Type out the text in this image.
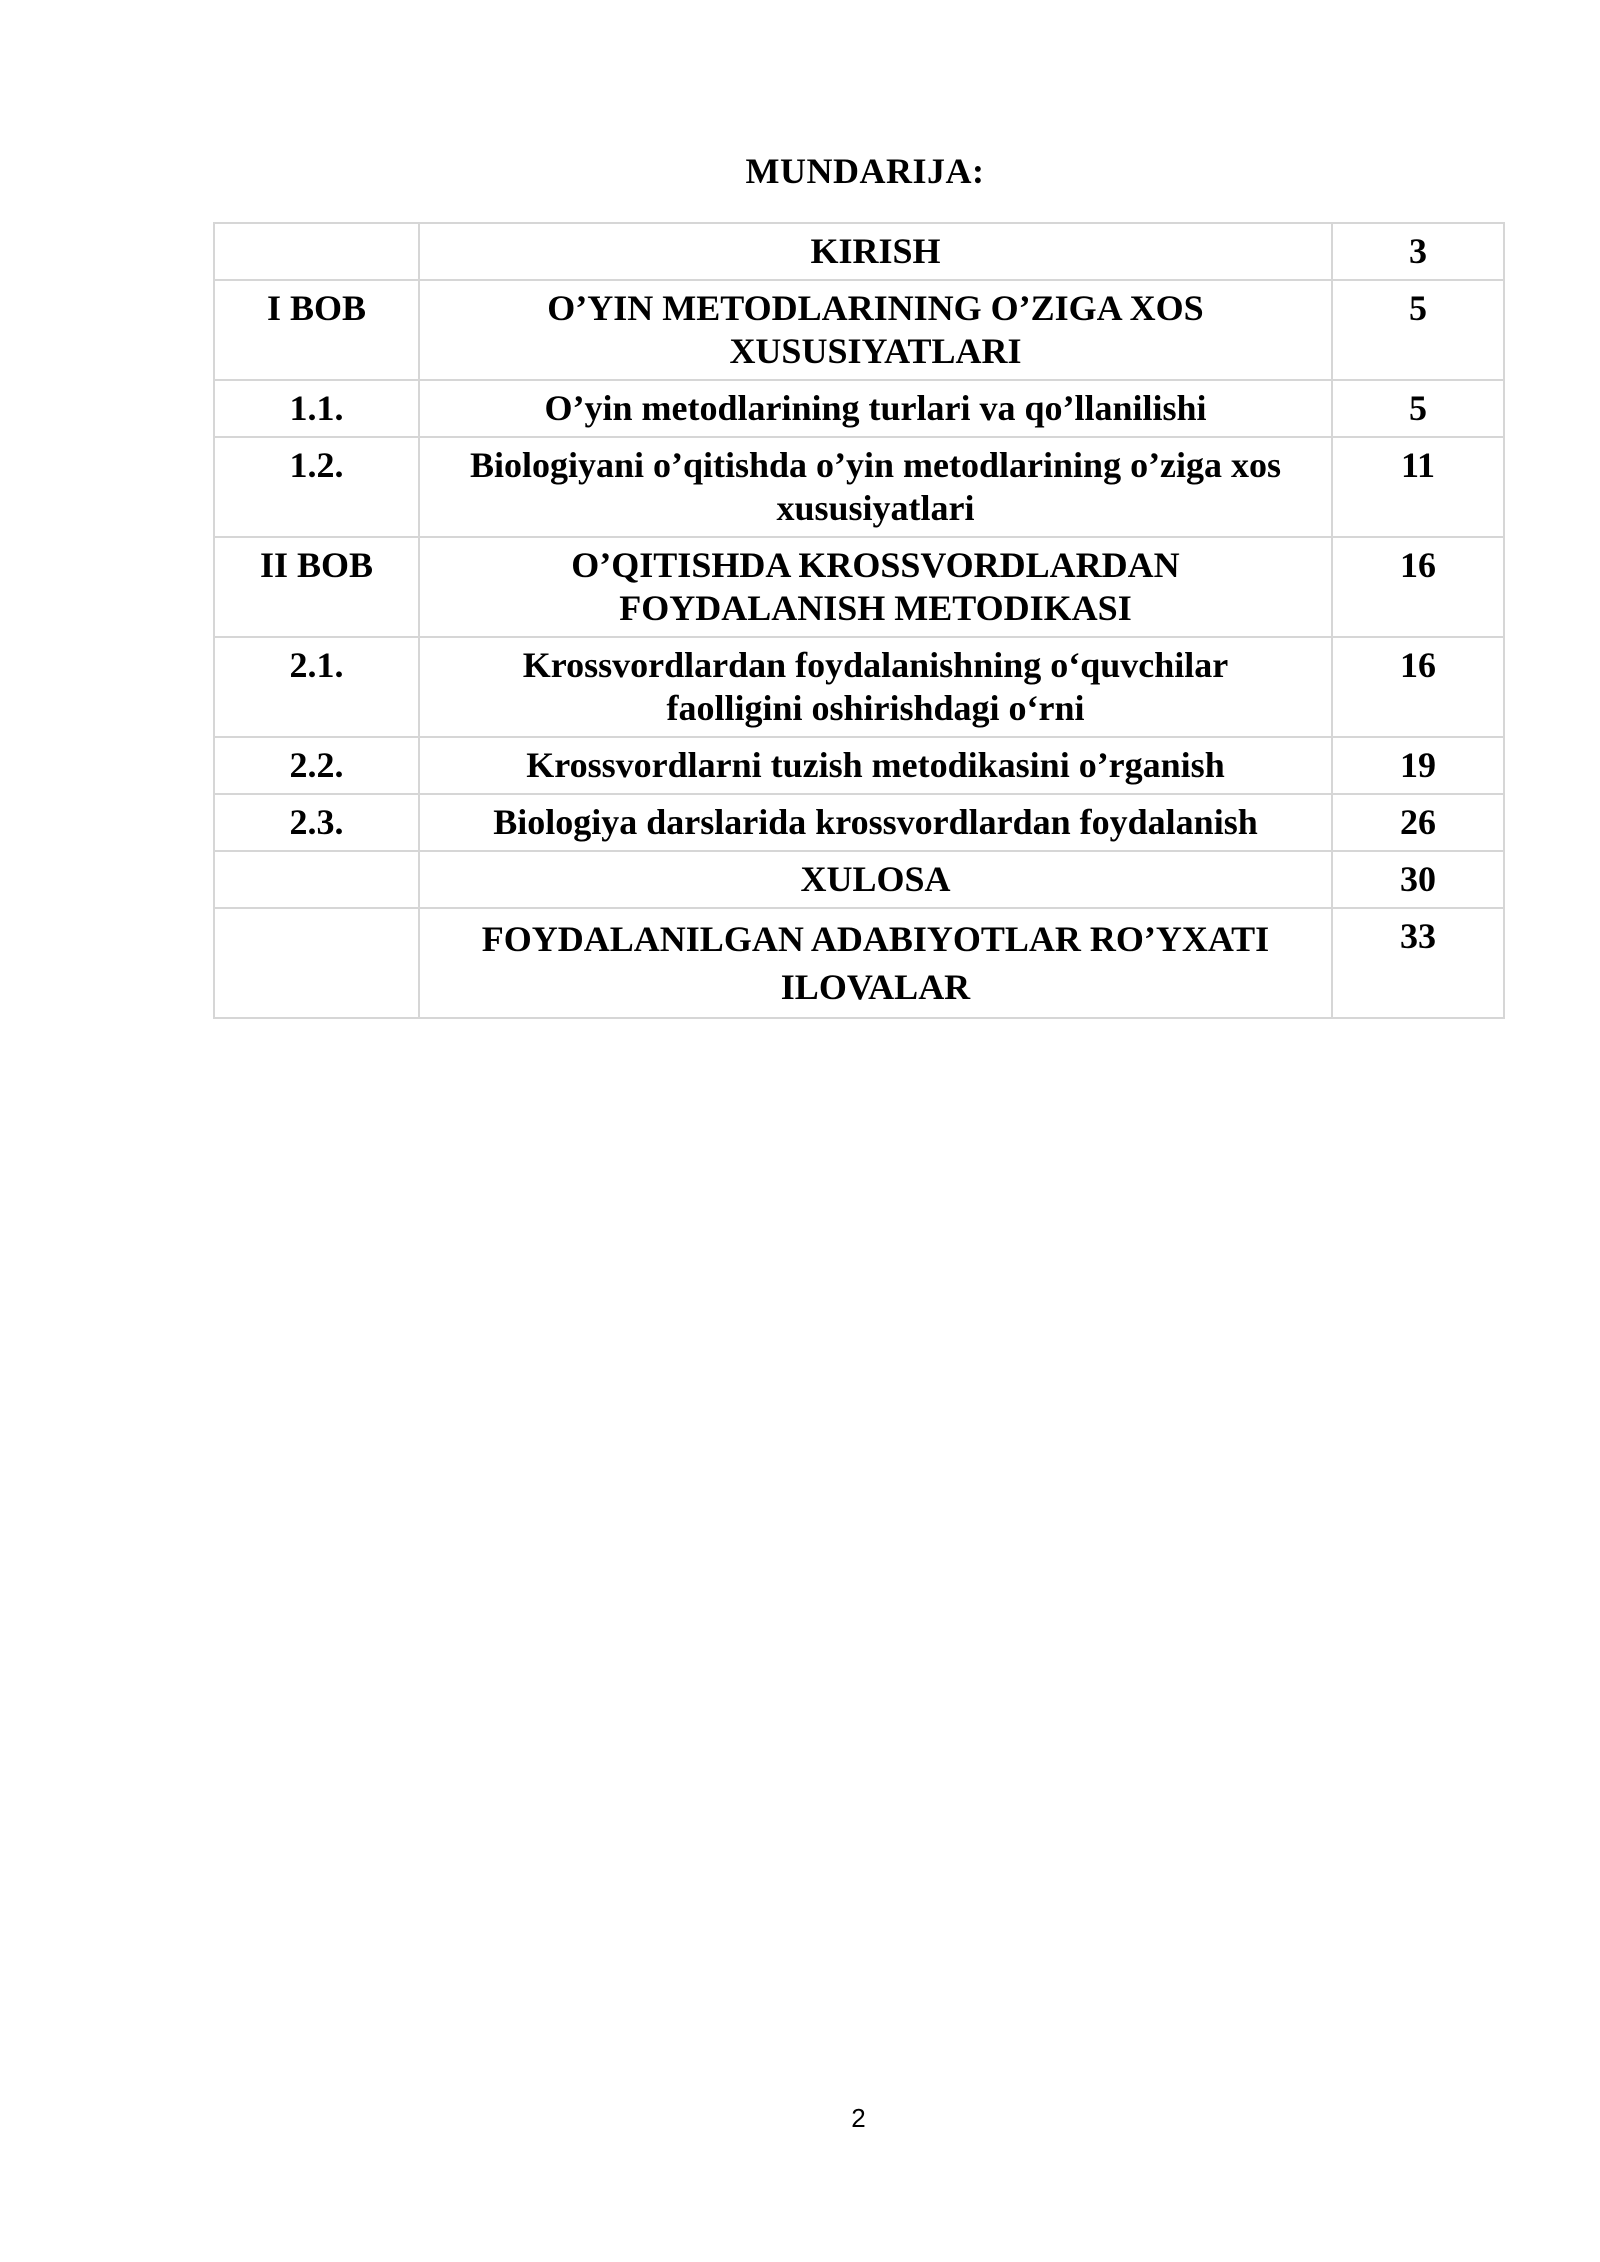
MUNDARIJA:
	KIRISH	3
I BOB	O’YIN METODLARINING O’ZIGA XOS XUSUSIYATLARI	5
1.1.	O’yin metodlarining turlari va qo’llanilishi	5
1.2.	Biologiyani o’qitishda o’yin metodlarining o’ziga xos xususiyatlari	11
II BOB	O’QITISHDA KROSSVORDLARDAN FOYDALANISH METODIKASI	16
2.1.	Krossvordlardan foydalanishning o‘quvchilar faolligini oshirishdagi o‘rni	16
2.2.	Krossvordlarni tuzish metodikasini o’rganish	19
2.3.	Biologiya darslarida krossvordlardan foydalanish	26
	XULOSA	30
	FOYDALANILGAN ADABIYOTLAR RO’YXATI ILOVALAR	33
2
